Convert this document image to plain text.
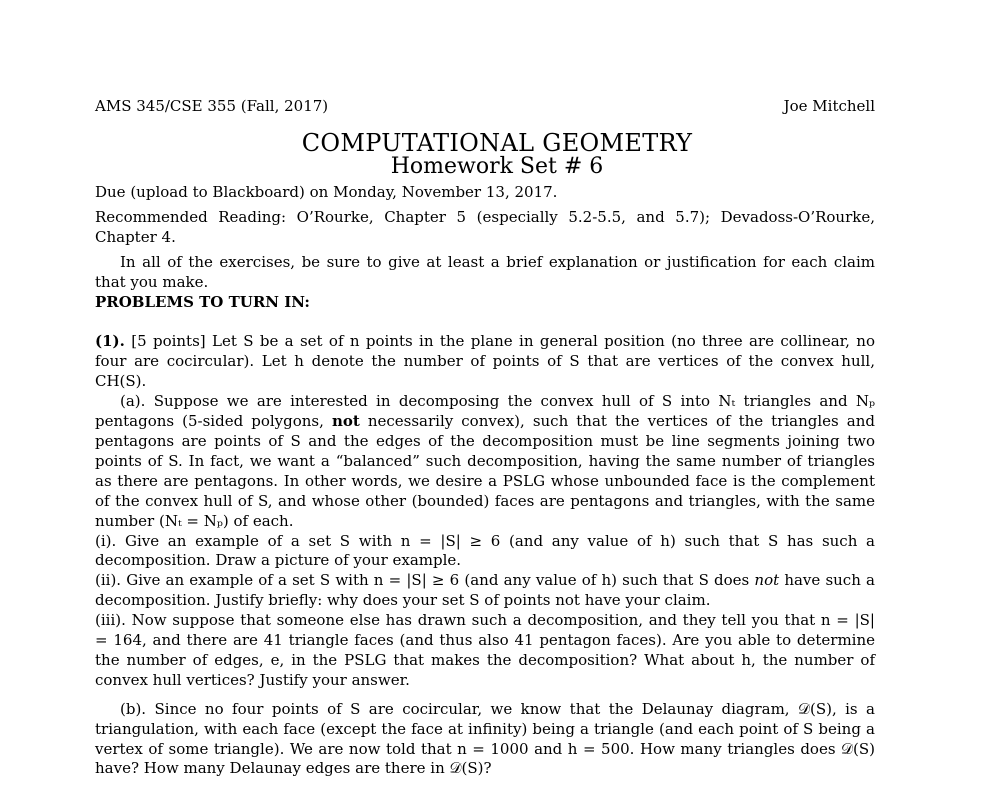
AMS 345/CSE 355 (Fall, 2017)	Joe Mitchell
COMPUTATIONAL GEOMETRY
Homework Set # 6

Due (upload to Blackboard) on Monday, November 13, 2017.

Recommended Reading: O’Rourke, Chapter 5 (especially 5.2-5.5, and 5.7); Devadoss-O’Rourke, Chapter 4.

In all of the exercises, be sure to give at least a brief explanation or justification for each claim that you make.

PROBLEMS TO TURN IN:

(1). [5 points] Let S be a set of n points in the plane in general position (no three are collinear, no four are cocircular). Let h denote the number of points of S that are vertices of the convex hull, CH(S).

(a). Suppose we are interested in decomposing the convex hull of S into Nₜ triangles and Nₚ pentagons (5-sided polygons, not necessarily convex), such that the vertices of the triangles and pentagons are points of S and the edges of the decomposition must be line segments joining two points of S. In fact, we want a “balanced” such decomposition, having the same number of triangles as there are pentagons. In other words, we desire a PSLG whose unbounded face is the complement of the convex hull of S, and whose other (bounded) faces are pentagons and triangles, with the same number (Nₜ = Nₚ) of each.

(i). Give an example of a set S with n = |S| ≥ 6 (and any value of h) such that S has such a decomposition. Draw a picture of your example.

(ii). Give an example of a set S with n = |S| ≥ 6 (and any value of h) such that S does not have such a decomposition. Justify briefly: why does your set S of points not have your claim.

(iii). Now suppose that someone else has drawn such a decomposition, and they tell you that n = |S| = 164, and there are 41 triangle faces (and thus also 41 pentagon faces). Are you able to determine the number of edges, e, in the PSLG that makes the decomposition? What about h, the number of convex hull vertices? Justify your answer.

(b). Since no four points of S are cocircular, we know that the Delaunay diagram, 𝒟(S), is a triangulation, with each face (except the face at infinity) being a triangle (and each point of S being a vertex of some triangle). We are now told that n = 1000 and h = 500. How many triangles does 𝒟(S) have? How many Delaunay edges are there in 𝒟(S)?
